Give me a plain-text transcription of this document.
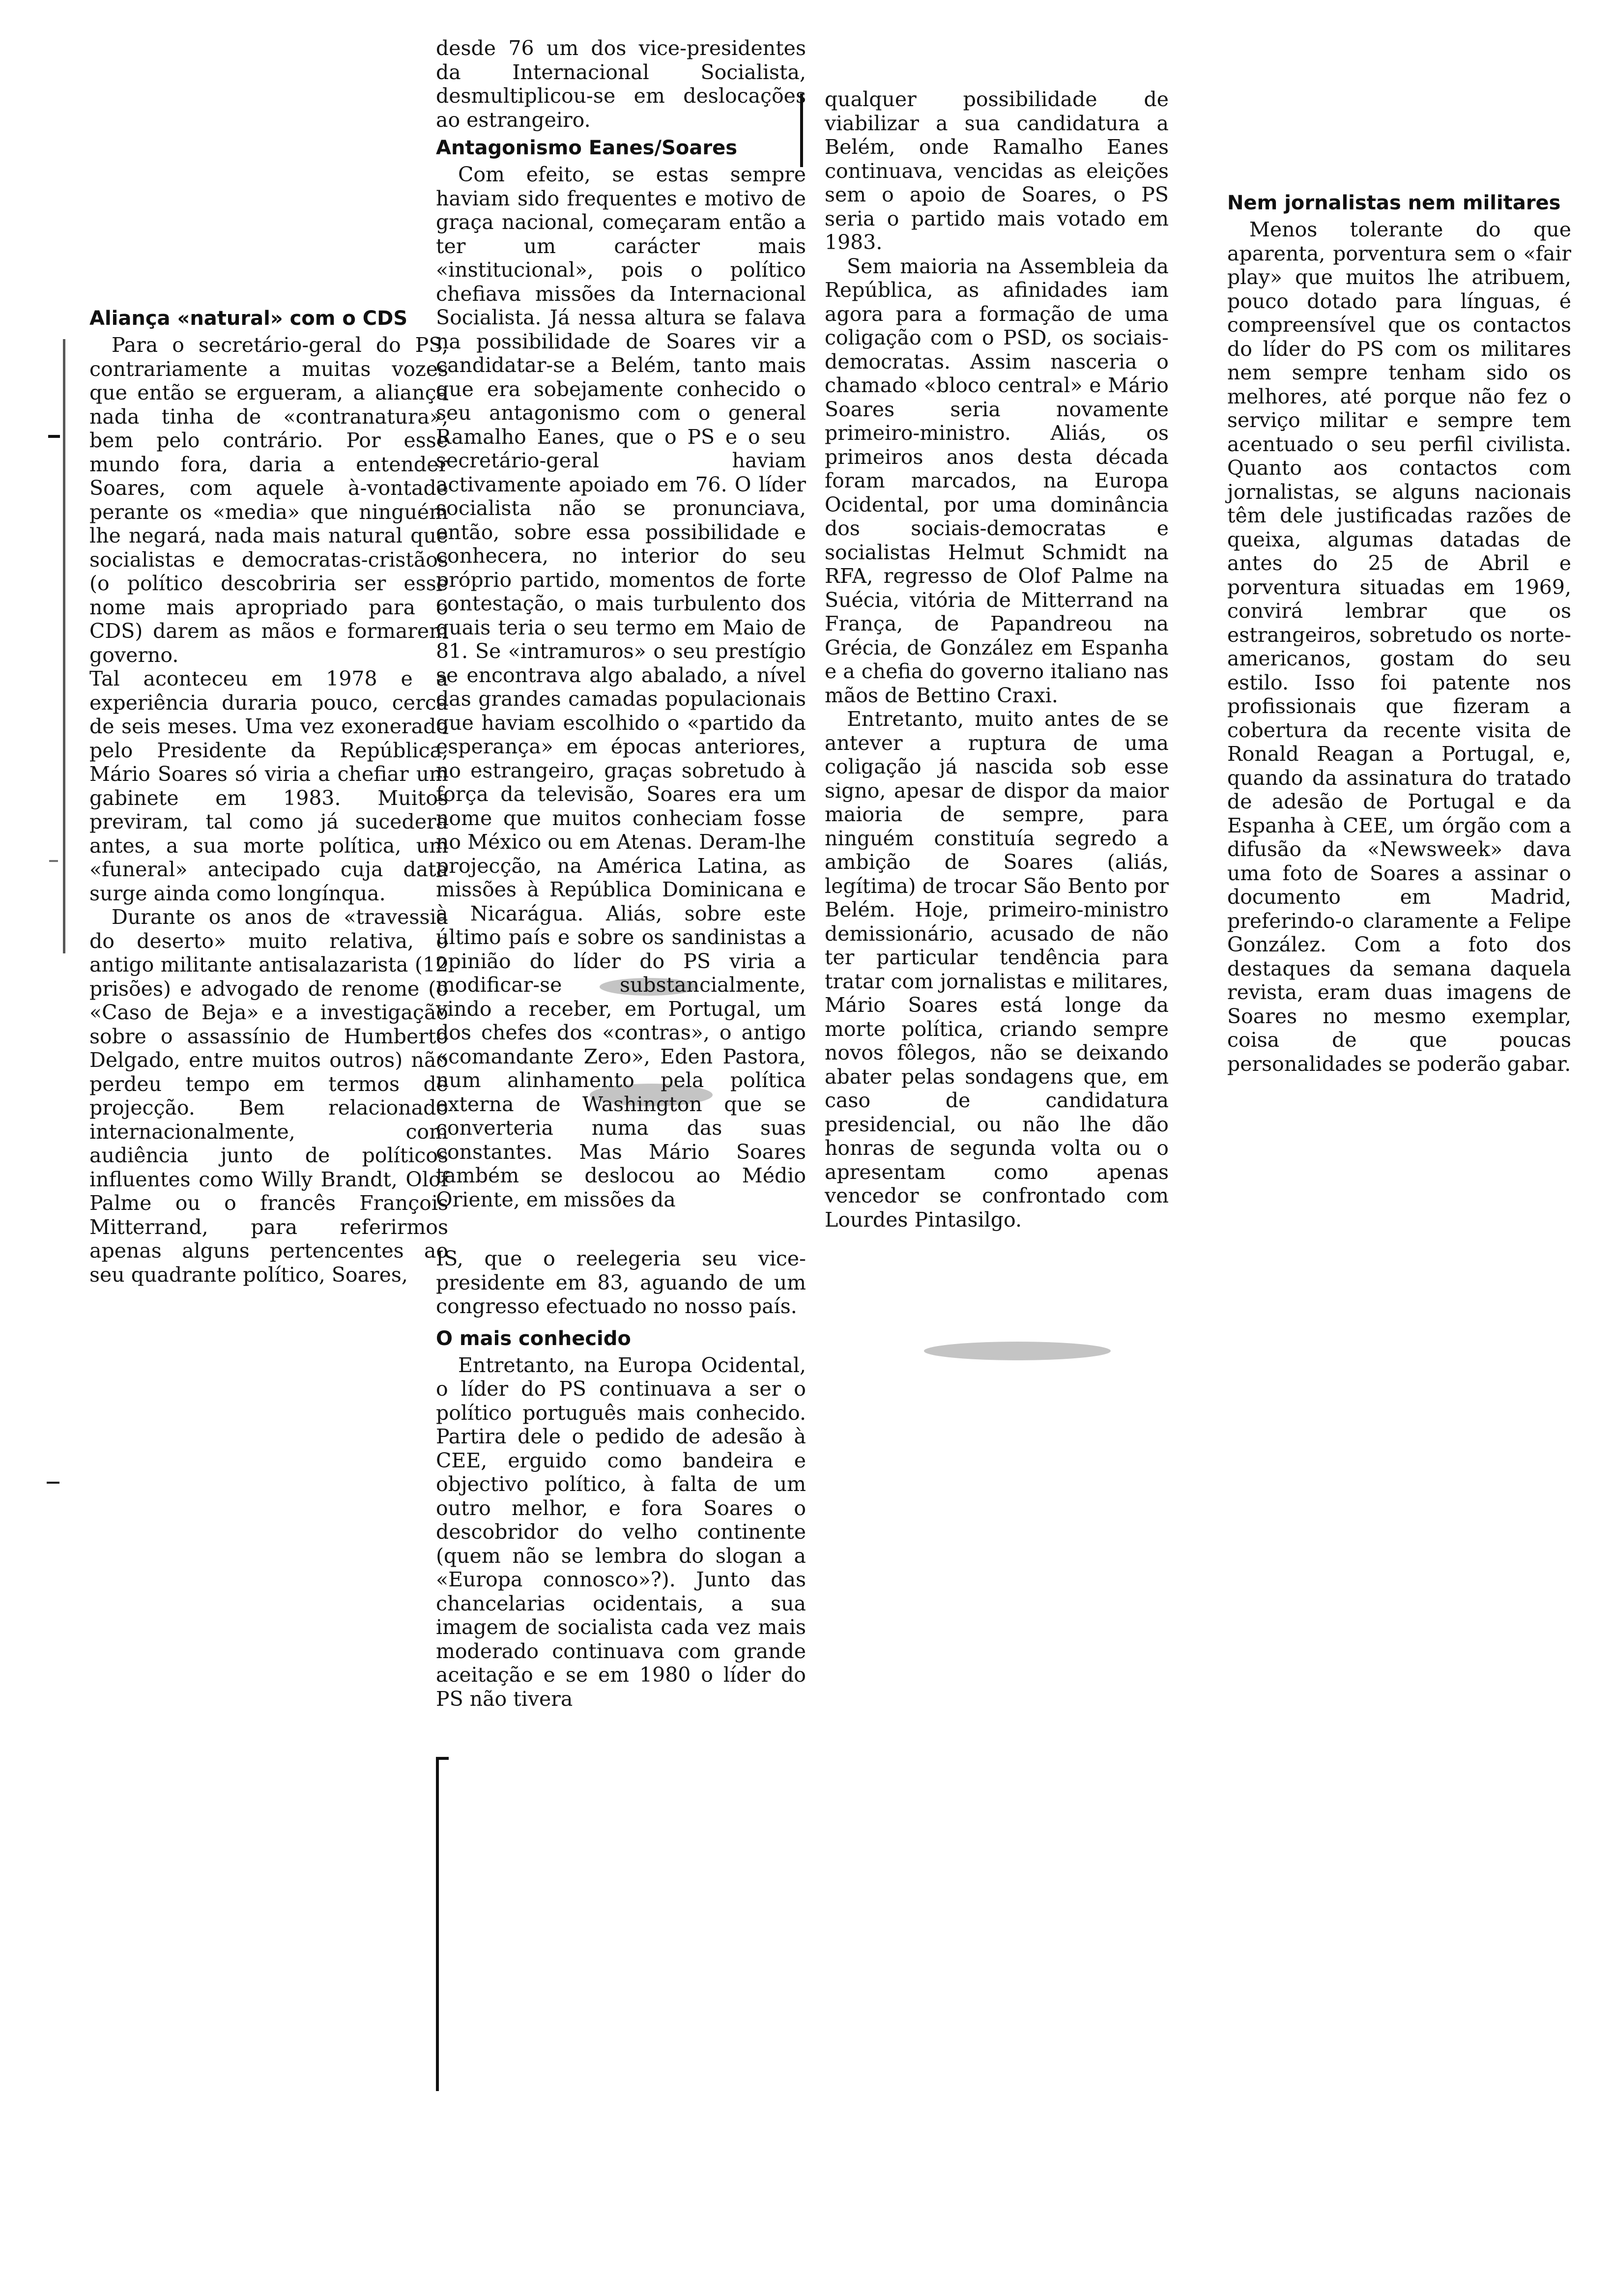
Aliança «natural» com o CDS

Para o secretário-geral do PS, contrariamente a muitas vozes que então se ergueram, a aliança nada tinha de «contranatura», bem pelo contrário. Por esse mundo fora, daria a entender Soares, com aquele à-vontade perante os «media» que ninguém lhe negará, nada mais natural que socialistas e democratas-cristãos (o político descobriria ser esse nome mais apropriado para o CDS) darem as mãos e formarem governo.

Tal aconteceu em 1978 e a experiência duraria pouco, cerca de seis meses. Uma vez exonerado pelo Presidente da República, Mário Soares só viria a chefiar um gabinete em 1983. Muitos previram, tal como já sucedera antes, a sua morte política, um «funeral» antecipado cuja data surge ainda como longínqua.

Durante os anos de «travessia do deserto» muito relativa, o antigo militante antisalazarista (12 prisões) e advogado de renome (o «Caso de Beja» e a investigação sobre o assassínio de Humberto Delgado, entre muitos outros) não perdeu tempo em termos de projecção. Bem relacionado internacionalmente, com audiência junto de políticos influentes como Willy Brandt, Olof Palme ou o francês François Mitterrand, para referirmos apenas alguns pertencentes ao seu quadrante político, Soares,

desde 76 um dos vice-presidentes da Internacional Socialista, desmultiplicou-se em deslocações ao estrangeiro.

Antagonismo Eanes/Soares

Com efeito, se estas sempre haviam sido frequentes e motivo de graça nacional, começaram então a ter um carácter mais «institucional», pois o político chefiava missões da Internacional Socialista. Já nessa altura se falava na possibilidade de Soares vir a candidatar-se a Belém, tanto mais que era sobejamente conhecido o seu antagonismo com o general Ramalho Eanes, que o PS e o seu secretário-geral haviam activamente apoiado em 76. O líder socialista não se pronunciava, então, sobre essa possibilidade e conhecera, no interior do seu próprio partido, momentos de forte contestação, o mais turbulento dos quais teria o seu termo em Maio de 81. Se «intramuros» o seu prestígio se encontrava algo abalado, a nível das grandes camadas populacionais que haviam escolhido o «partido da esperança» em épocas anteriores, no estrangeiro, graças sobretudo à força da televisão, Soares era um nome que muitos conheciam fosse no México ou em Atenas. Deram-lhe projecção, na América Latina, as missões à República Dominicana e à Nicarágua. Aliás, sobre este último país e sobre os sandinistas a opinião do líder do PS viria a modificar-se substancialmente, vindo a receber, em Portugal, um dos chefes dos «contras», o antigo «comandante Zero», Eden Pastora, num alinhamento pela política externa de Washington que se converteria numa das suas constantes. Mas Mário Soares também se deslocou ao Médio Oriente, em missões da

IS, que o reelegeria seu vice-presidente em 83, aguando de um congresso efectuado no nosso país.

O mais conhecido

Entretanto, na Europa Ocidental, o líder do PS continuava a ser o político português mais conhecido. Partira dele o pedido de adesão à CEE, erguido como bandeira e objectivo político, à falta de um outro melhor, e fora Soares o descobridor do velho continente (quem não se lembra do slogan a «Europa connosco»?). Junto das chancelarias ocidentais, a sua imagem de socialista cada vez mais moderado continuava com grande aceitação e se em 1980 o líder do PS não tivera

qualquer possibilidade de viabilizar a sua candidatura a Belém, onde Ramalho Eanes continuava, vencidas as eleições sem o apoio de Soares, o PS seria o partido mais votado em 1983.

Sem maioria na Assembleia da República, as afinidades iam agora para a formação de uma coligação com o PSD, os sociais-democratas. Assim nasceria o chamado «bloco central» e Mário Soares seria novamente primeiro-ministro. Aliás, os primeiros anos desta década foram marcados, na Europa Ocidental, por uma dominância dos sociais-democratas e socialistas Helmut Schmidt na RFA, regresso de Olof Palme na Suécia, vitória de Mitterrand na França, de Papandreou na Grécia, de González em Espanha e a chefia do governo italiano nas mãos de Bettino Craxi.

Entretanto, muito antes de se antever a ruptura de uma coligação já nascida sob esse signo, apesar de dispor da maior maioria de sempre, para ninguém constituía segredo a ambição de Soares (aliás, legítima) de trocar São Bento por Belém. Hoje, primeiro-ministro demissionário, acusado de não ter particular tendência para tratar com jornalistas e militares, Mário Soares está longe da morte política, criando sempre novos fôlegos, não se deixando abater pelas sondagens que, em caso de candidatura presidencial, ou não lhe dão honras de segunda volta ou o apresentam como apenas vencedor se confrontado com Lourdes Pintasilgo.

Nem jornalistas nem militares

Menos tolerante do que aparenta, porventura sem o «fair play» que muitos lhe atribuem, pouco dotado para línguas, é compreensível que os contactos do líder do PS com os militares nem sempre tenham sido os melhores, até porque não fez o serviço militar e sempre tem acentuado o seu perfil civilista. Quanto aos contactos com jornalistas, se alguns nacionais têm dele justificadas razões de queixa, algumas datadas de antes do 25 de Abril e porventura situadas em 1969, convirá lembrar que os estrangeiros, sobretudo os norte-americanos, gostam do seu estilo. Isso foi patente nos profissionais que fizeram a cobertura da recente visita de Ronald Reagan a Portugal, e, quando da assinatura do tratado de adesão de Portugal e da Espanha à CEE, um órgão com a difusão da «Newsweek» dava uma foto de Soares a assinar o documento em Madrid, preferindo-o claramente a Felipe González. Com a foto dos destaques da semana daquela revista, eram duas imagens de Soares no mesmo exemplar, coisa de que poucas personalidades se poderão gabar.
